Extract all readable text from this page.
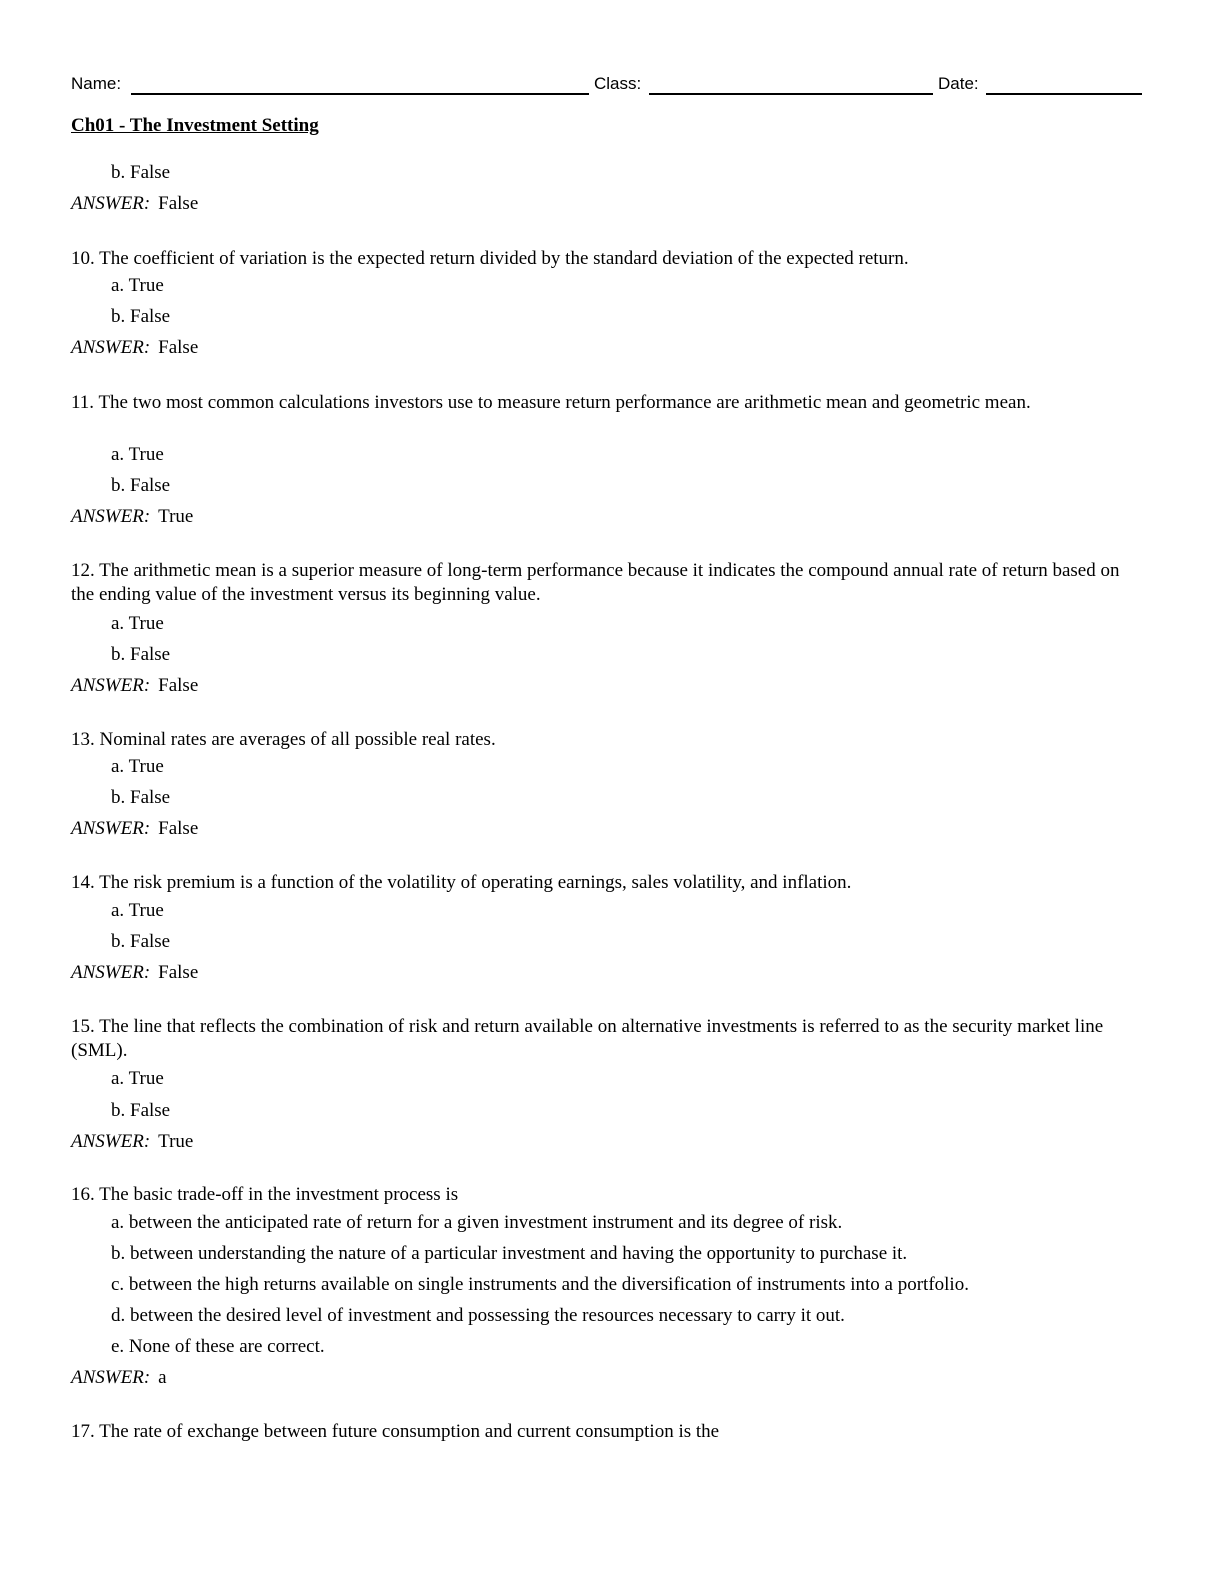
Name:	Class:	Date:
Ch01 - The Investment Setting
b. False
ANSWER: False
10. The coefficient of variation is the expected return divided by the standard deviation of the expected return.
a. True
b. False
ANSWER: False
11. The two most common calculations investors use to measure return performance are arithmetic mean and geometric mean.
a. True
b. False
ANSWER: True
12. The arithmetic mean is a superior measure of long-term performance because it indicates the compound annual rate of return based on the ending value of the investment versus its beginning value.
a. True
b. False
ANSWER: False
13. Nominal rates are averages of all possible real rates.
a. True
b. False
ANSWER: False
14. The risk premium is a function of the volatility of operating earnings, sales volatility, and inflation.
a. True
b. False
ANSWER: False
15. The line that reflects the combination of risk and return available on alternative investments is referred to as the security market line (SML).
a. True
b. False
ANSWER: True
16. The basic trade-off in the investment process is
a. between the anticipated rate of return for a given investment instrument and its degree of risk.
b. between understanding the nature of a particular investment and having the opportunity to purchase it.
c. between the high returns available on single instruments and the diversification of instruments into a portfolio.
d. between the desired level of investment and possessing the resources necessary to carry it out.
e. None of these are correct.
ANSWER: a
17. The rate of exchange between future consumption and current consumption is the
